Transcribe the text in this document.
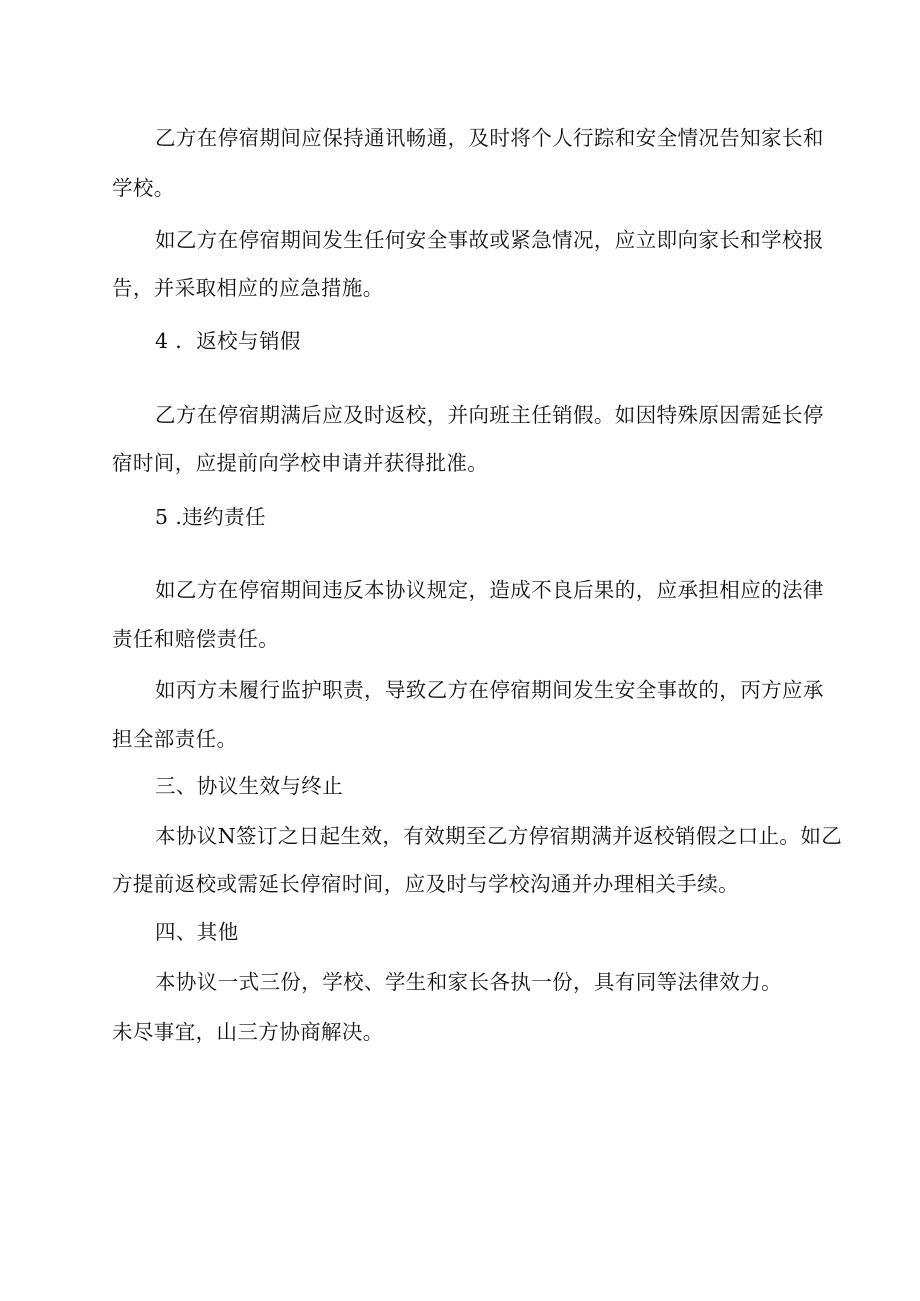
乙方在停宿期间应保持通讯畅通，及时将个人行踪和安全情况告知家长和
学校。
如乙方在停宿期间发生任何安全事故或紧急情况，应立即向家长和学校报
告，并采取相应的应急措施。
4 ．返校与销假
乙方在停宿期满后应及时返校，并向班主任销假。如因特殊原因需延长停
宿时间，应提前向学校申请并获得批准。
5 .违约责任
如乙方在停宿期间违反本协议规定，造成不良后果的，应承担相应的法律
责任和赔偿责任。
如丙方未履行监护职责，导致乙方在停宿期间发生安全事故的，丙方应承
担全部责任。
三、协议生效与终止
本协议N签订之日起生效，有效期至乙方停宿期满并返校销假之口止。如乙
方提前返校或需延长停宿时间，应及时与学校沟通并办理相关手续。
四、其他
本协议一式三份，学校、学生和家长各执一份，具有同等法律效力。
未尽事宜，山三方协商解决。
